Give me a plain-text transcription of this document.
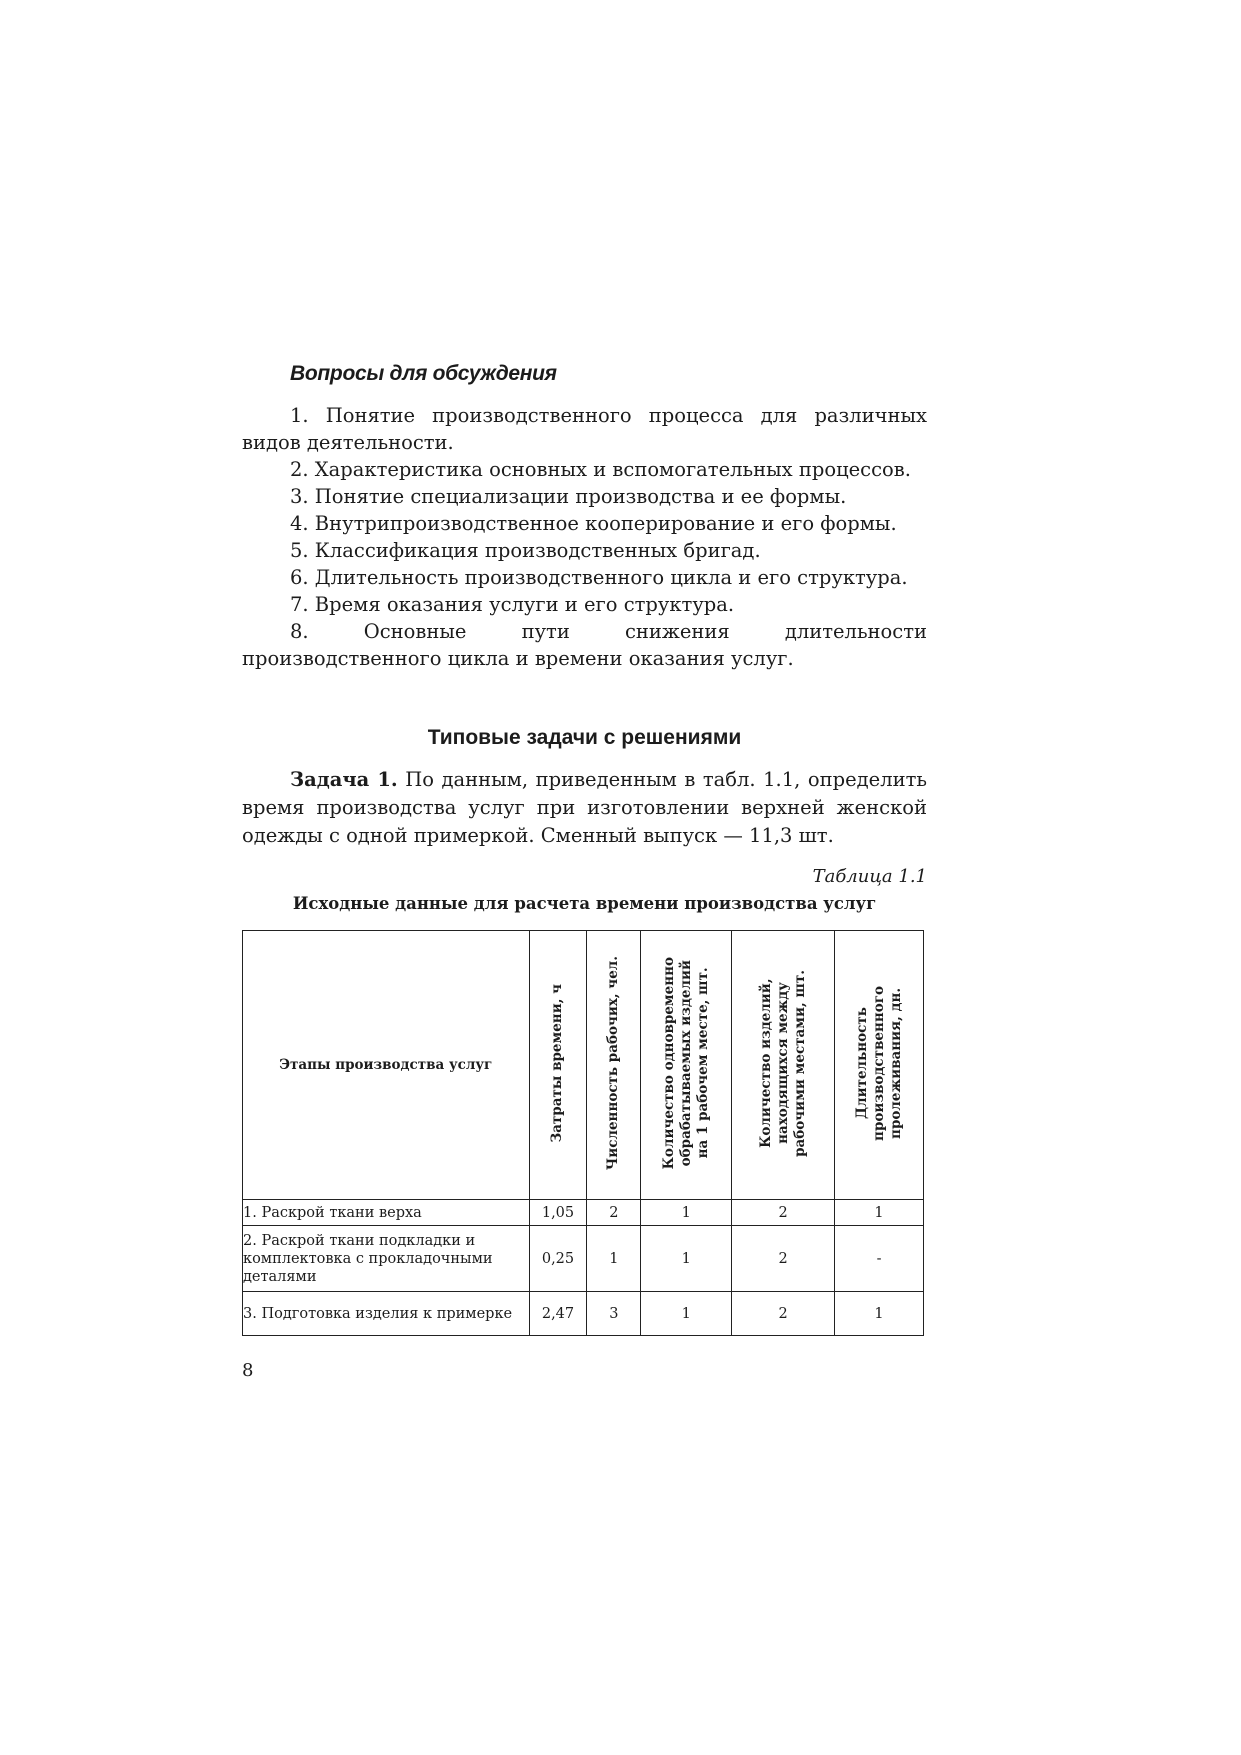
Вопросы для обсуждения

1. Понятие производственного процесса для различных видов деятельности.

2. Характеристика основных и вспомогательных процессов.

3. Понятие специализации производства и ее формы.

4. Внутрипроизводственное кооперирование и его формы.

5. Классификация производственных бригад.

6. Длительность производственного цикла и его структура.

7. Время оказания услуги и его структура.

8. Основные пути снижения длительности производственного цикла и времени оказания услуг.

Типовые задачи с решениями

Задача 1. По данным, приведенным в табл. 1.1, определить время производства услуг при изготовлении верхней женской одежды с одной примеркой. Сменный выпуск — 11,3 шт.

Таблица 1.1
Исходные данные для расчета времени производства услуг
Этапы производства услуг	Затраты времени, ч	Численность рабочих, чел.	Количество одновременно
обрабатываемых изделий
на 1 рабочем месте, шт.	Количество изделий,
находящихся между
рабочими местами, шт.	Длительность
производственного
пролеживания, дн.
1. Раскрой ткани верха	1,05	2	1	2	1
2. Раскрой ткани подкладки и комплектовка с прокладочными деталями	0,25	1	1	2	-
3. Подготовка изделия к примерке	2,47	3	1	2	1
8
